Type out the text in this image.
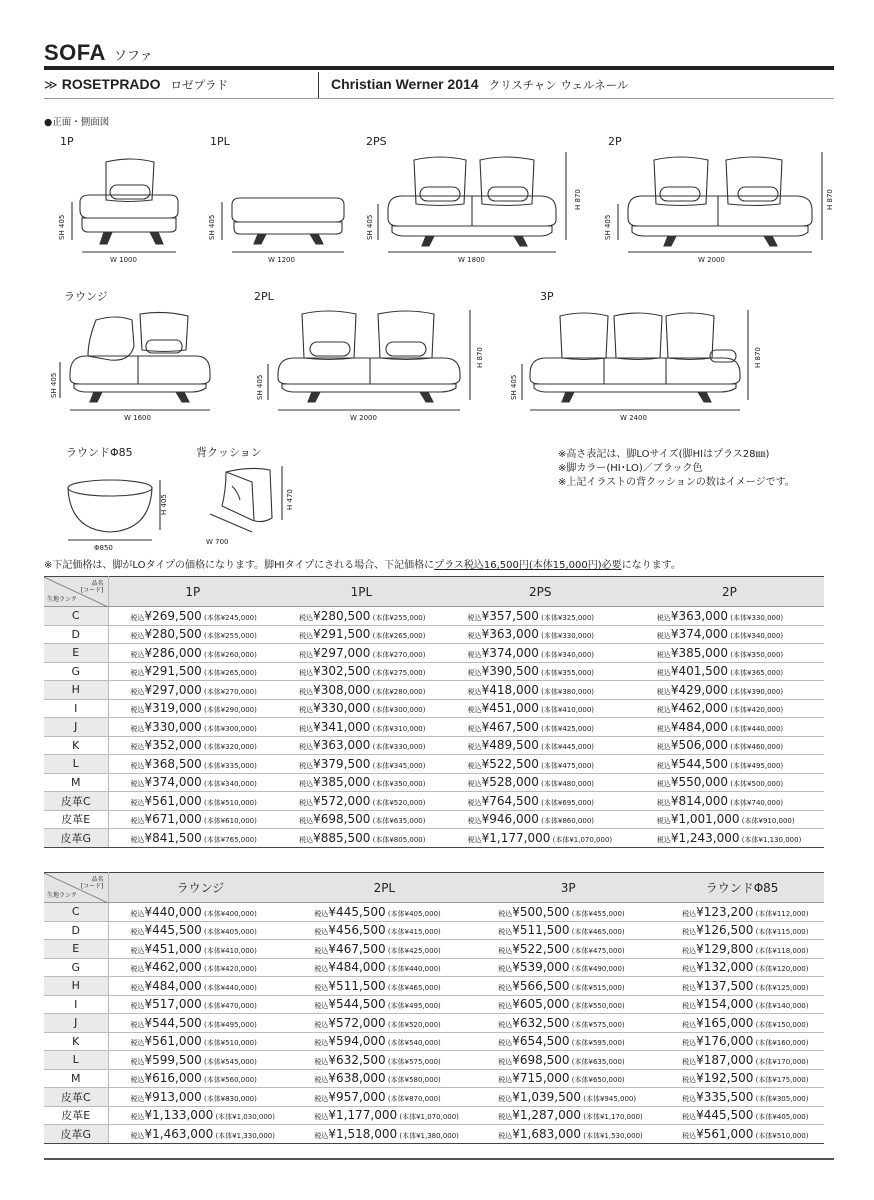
SOFA ソファ
≫ ROSETPRADO ロゼプラド	Christian Werner 2014 クリスチャン ウェルネール
●正面・側面図
1P
W 1000
SH 405
1PL
W 1200
SH 405
2PS
W 1800
SH 405
H 870
2P
W 2000
SH 405
H 870
ラウンジ
W 1600
SH 405
2PL
W 2000
SH 405
H 870
3P
W 2400
SH 405
H 870
ラウンドΦ85
Φ850
H 405
背クッション
W 700
H 470
※高さ表記は、脚LOサイズ(脚HIはプラス28㎜)
※脚カラー(HI･LO)／ブラック色
※上記イラストの背クッションの数はイメージです。
※下記価格は、脚がLOタイプの価格になります。脚HIタイプにされる場合、下記価格にプラス税込16,500円(本体15,000円)必要になります。
品名
[コード]
生地ランク	1P	1PL	2PS	2P
C	税込¥269,500 (本体¥245,000)	税込¥280,500 (本体¥255,000)	税込¥357,500 (本体¥325,000)	税込¥363,000 (本体¥330,000)
D	税込¥280,500 (本体¥255,000)	税込¥291,500 (本体¥265,000)	税込¥363,000 (本体¥330,000)	税込¥374,000 (本体¥340,000)
E	税込¥286,000 (本体¥260,000)	税込¥297,000 (本体¥270,000)	税込¥374,000 (本体¥340,000)	税込¥385,000 (本体¥350,000)
G	税込¥291,500 (本体¥265,000)	税込¥302,500 (本体¥275,000)	税込¥390,500 (本体¥355,000)	税込¥401,500 (本体¥365,000)
H	税込¥297,000 (本体¥270,000)	税込¥308,000 (本体¥280,000)	税込¥418,000 (本体¥380,000)	税込¥429,000 (本体¥390,000)
I	税込¥319,000 (本体¥290,000)	税込¥330,000 (本体¥300,000)	税込¥451,000 (本体¥410,000)	税込¥462,000 (本体¥420,000)
J	税込¥330,000 (本体¥300,000)	税込¥341,000 (本体¥310,000)	税込¥467,500 (本体¥425,000)	税込¥484,000 (本体¥440,000)
K	税込¥352,000 (本体¥320,000)	税込¥363,000 (本体¥330,000)	税込¥489,500 (本体¥445,000)	税込¥506,000 (本体¥460,000)
L	税込¥368,500 (本体¥335,000)	税込¥379,500 (本体¥345,000)	税込¥522,500 (本体¥475,000)	税込¥544,500 (本体¥495,000)
M	税込¥374,000 (本体¥340,000)	税込¥385,000 (本体¥350,000)	税込¥528,000 (本体¥480,000)	税込¥550,000 (本体¥500,000)
皮革C	税込¥561,000 (本体¥510,000)	税込¥572,000 (本体¥520,000)	税込¥764,500 (本体¥695,000)	税込¥814,000 (本体¥740,000)
皮革E	税込¥671,000 (本体¥610,000)	税込¥698,500 (本体¥635,000)	税込¥946,000 (本体¥860,000)	税込¥1,001,000 (本体¥910,000)
皮革G	税込¥841,500 (本体¥765,000)	税込¥885,500 (本体¥805,000)	税込¥1,177,000 (本体¥1,070,000)	税込¥1,243,000 (本体¥1,130,000)
品名
[コード]
生地ランク	ラウンジ	2PL	3P	ラウンドΦ85
C	税込¥440,000 (本体¥400,000)	税込¥445,500 (本体¥405,000)	税込¥500,500 (本体¥455,000)	税込¥123,200 (本体¥112,000)
D	税込¥445,500 (本体¥405,000)	税込¥456,500 (本体¥415,000)	税込¥511,500 (本体¥465,000)	税込¥126,500 (本体¥115,000)
E	税込¥451,000 (本体¥410,000)	税込¥467,500 (本体¥425,000)	税込¥522,500 (本体¥475,000)	税込¥129,800 (本体¥118,000)
G	税込¥462,000 (本体¥420,000)	税込¥484,000 (本体¥440,000)	税込¥539,000 (本体¥490,000)	税込¥132,000 (本体¥120,000)
H	税込¥484,000 (本体¥440,000)	税込¥511,500 (本体¥465,000)	税込¥566,500 (本体¥515,000)	税込¥137,500 (本体¥125,000)
I	税込¥517,000 (本体¥470,000)	税込¥544,500 (本体¥495,000)	税込¥605,000 (本体¥550,000)	税込¥154,000 (本体¥140,000)
J	税込¥544,500 (本体¥495,000)	税込¥572,000 (本体¥520,000)	税込¥632,500 (本体¥575,000)	税込¥165,000 (本体¥150,000)
K	税込¥561,000 (本体¥510,000)	税込¥594,000 (本体¥540,000)	税込¥654,500 (本体¥595,000)	税込¥176,000 (本体¥160,000)
L	税込¥599,500 (本体¥545,000)	税込¥632,500 (本体¥575,000)	税込¥698,500 (本体¥635,000)	税込¥187,000 (本体¥170,000)
M	税込¥616,000 (本体¥560,000)	税込¥638,000 (本体¥580,000)	税込¥715,000 (本体¥650,000)	税込¥192,500 (本体¥175,000)
皮革C	税込¥913,000 (本体¥830,000)	税込¥957,000 (本体¥870,000)	税込¥1,039,500 (本体¥945,000)	税込¥335,500 (本体¥305,000)
皮革E	税込¥1,133,000 (本体¥1,030,000)	税込¥1,177,000 (本体¥1,070,000)	税込¥1,287,000 (本体¥1,170,000)	税込¥445,500 (本体¥405,000)
皮革G	税込¥1,463,000 (本体¥1,330,000)	税込¥1,518,000 (本体¥1,380,000)	税込¥1,683,000 (本体¥1,530,000)	税込¥561,000 (本体¥510,000)
